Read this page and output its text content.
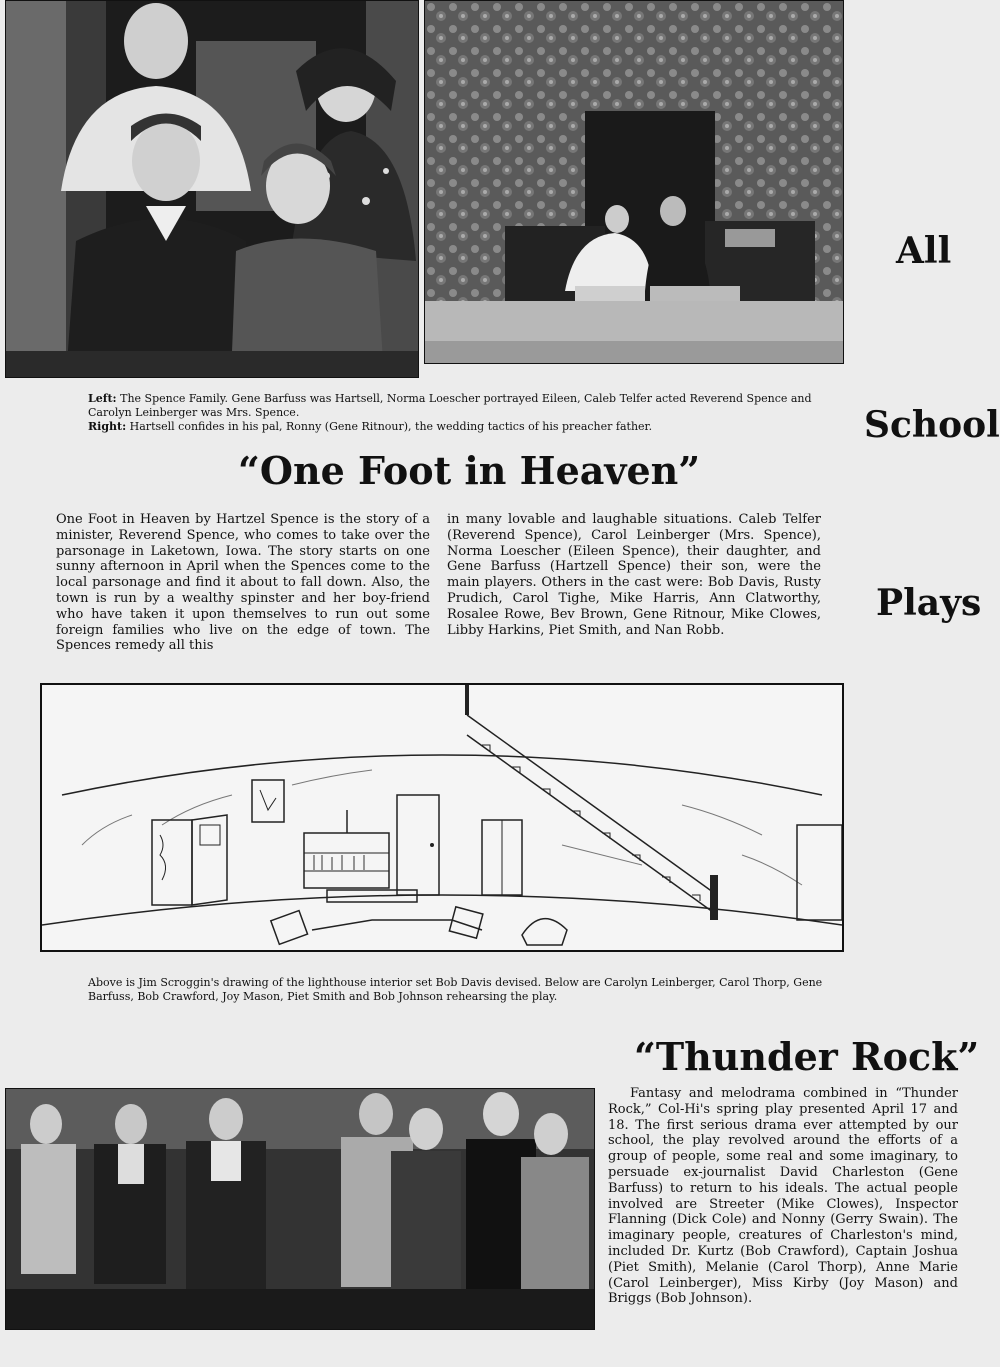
All
School
Plays
Left: The Spence Family. Gene Barfuss was Hartsell, Norma Loescher portrayed Eileen, Caleb Telfer acted Reverend Spence and Carolyn Leinberger was Mrs. Spence.
Right: Hartsell confides in his pal, Ronny (Gene Ritnour), the wedding tactics of his preacher father.
“One Foot in Heaven”
One Foot in Heaven by Hartzel Spence is the story of a minister, Reverend Spence, who comes to take over the parsonage in Laketown, Iowa. The story starts on one sunny afternoon in April when the Spences come to the local parsonage and find it about to fall down. Also, the town is run by a wealthy spinster and her boy-friend who have taken it upon themselves to run out some foreign families who live on the edge of town. The Spences remedy all this
in many lovable and laughable situations. Caleb Telfer (Reverend Spence), Carol Leinberger (Mrs. Spence), Norma Loescher (Eileen Spence), their daughter, and Gene Barfuss (Hartzell Spence) their son, were the main players. Others in the cast were: Bob Davis, Rusty Prudich, Carol Tighe, Mike Harris, Ann Clatworthy, Rosalee Rowe, Bev Brown, Gene Ritnour, Mike Clowes, Libby Harkins, Piet Smith, and Nan Robb.
Above is Jim Scroggin's drawing of the lighthouse interior set Bob Davis devised. Below are Carolyn Leinberger, Carol Thorp, Gene Barfuss, Bob Crawford, Joy Mason, Piet Smith and Bob Johnson rehearsing the play.
“Thunder Rock”
Fantasy and melodrama combined in “Thunder Rock,” Col-Hi's spring play presented April 17 and 18. The first serious drama ever attempted by our school, the play revolved around the efforts of a group of people, some real and some imaginary, to persuade ex-journalist David Charleston (Gene Barfuss) to return to his ideals. The actual people involved are Streeter (Mike Clowes), Inspector Flanning (Dick Cole) and Nonny (Gerry Swain). The imaginary people, creatures of Charleston's mind, included Dr. Kurtz (Bob Crawford), Captain Joshua (Piet Smith), Melanie (Carol Thorp), Anne Marie (Carol Leinberger), Miss Kirby (Joy Mason) and Briggs (Bob Johnson).
